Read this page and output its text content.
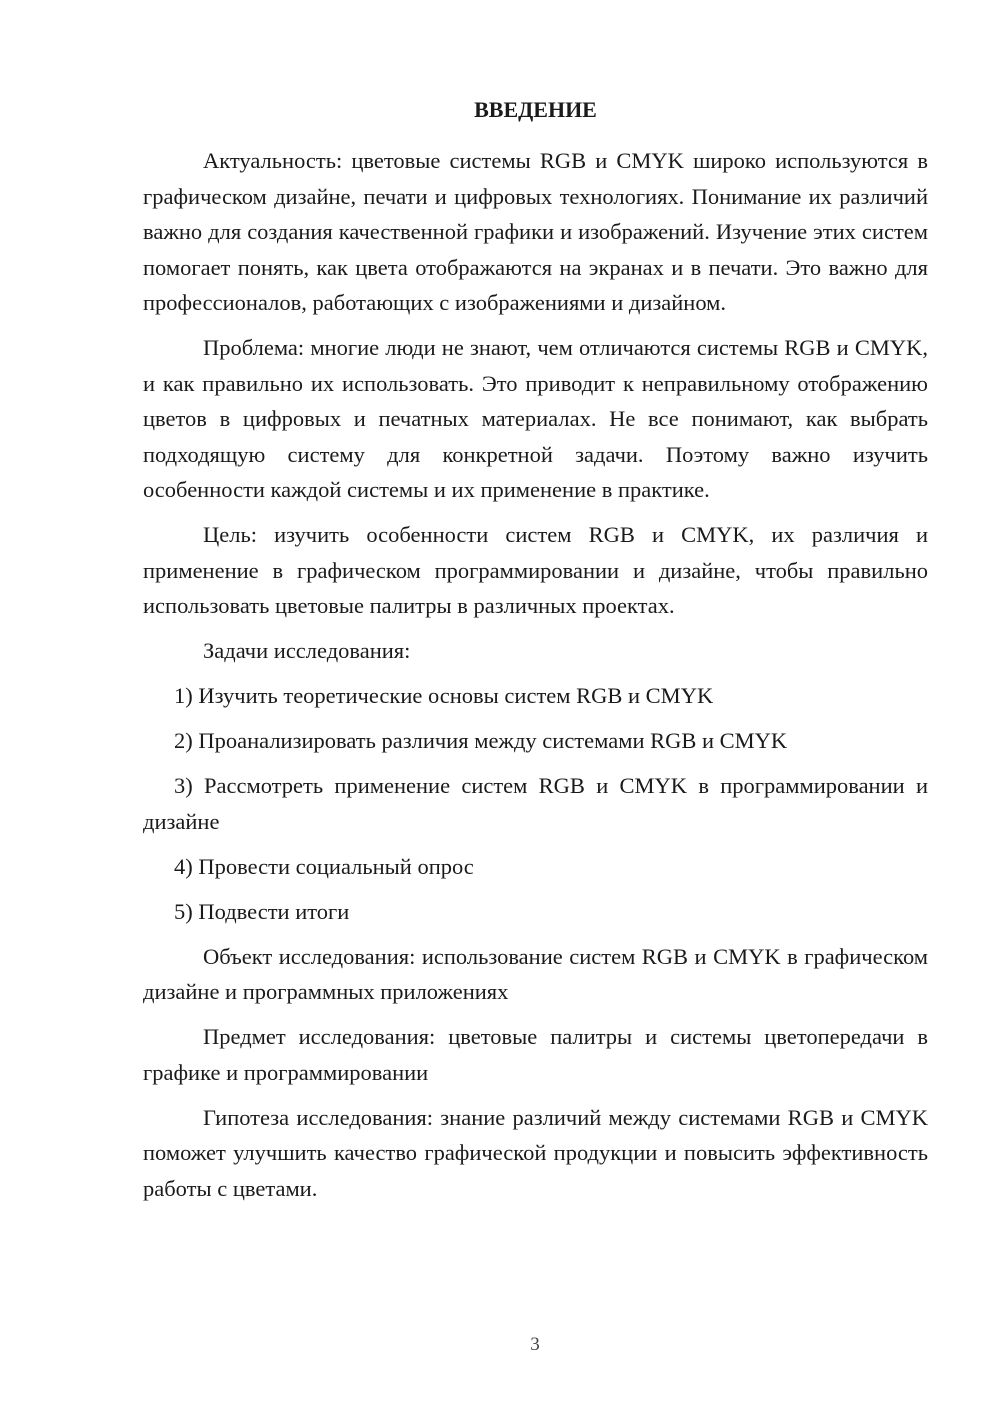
ВВЕДЕНИЕ

Актуальность: цветовые системы RGB и CMYK широко используются в графическом дизайне, печати и цифровых технологиях. Понимание их различий важно для создания качественной графики и изображений. Изучение этих систем помогает понять, как цвета отображаются на экранах и в печати. Это важно для профессионалов, работающих с изображениями и дизайном.

Проблема: многие люди не знают, чем отличаются системы RGB и CMYK, и как правильно их использовать. Это приводит к неправильному отображению цветов в цифровых и печатных материалах. Не все понимают, как выбрать подходящую систему для конкретной задачи. Поэтому важно изучить особенности каждой системы и их применение в практике.

Цель: изучить особенности систем RGB и CMYK, их различия и применение в графическом программировании и дизайне, чтобы правильно использовать цветовые палитры в различных проектах.

Задачи исследования:

1) Изучить теоретические основы систем RGB и CMYK

2) Проанализировать различия между системами RGB и CMYK

3) Рассмотреть применение систем RGB и CMYK в программировании и дизайне

4) Провести социальный опрос

5) Подвести итоги

Объект исследования: использование систем RGB и CMYK в графическом дизайне и программных приложениях

Предмет исследования: цветовые палитры и системы цветопередачи в графике и программировании

Гипотеза исследования: знание различий между системами RGB и CMYK поможет улучшить качество графической продукции и повысить эффективность работы с цветами.

3
